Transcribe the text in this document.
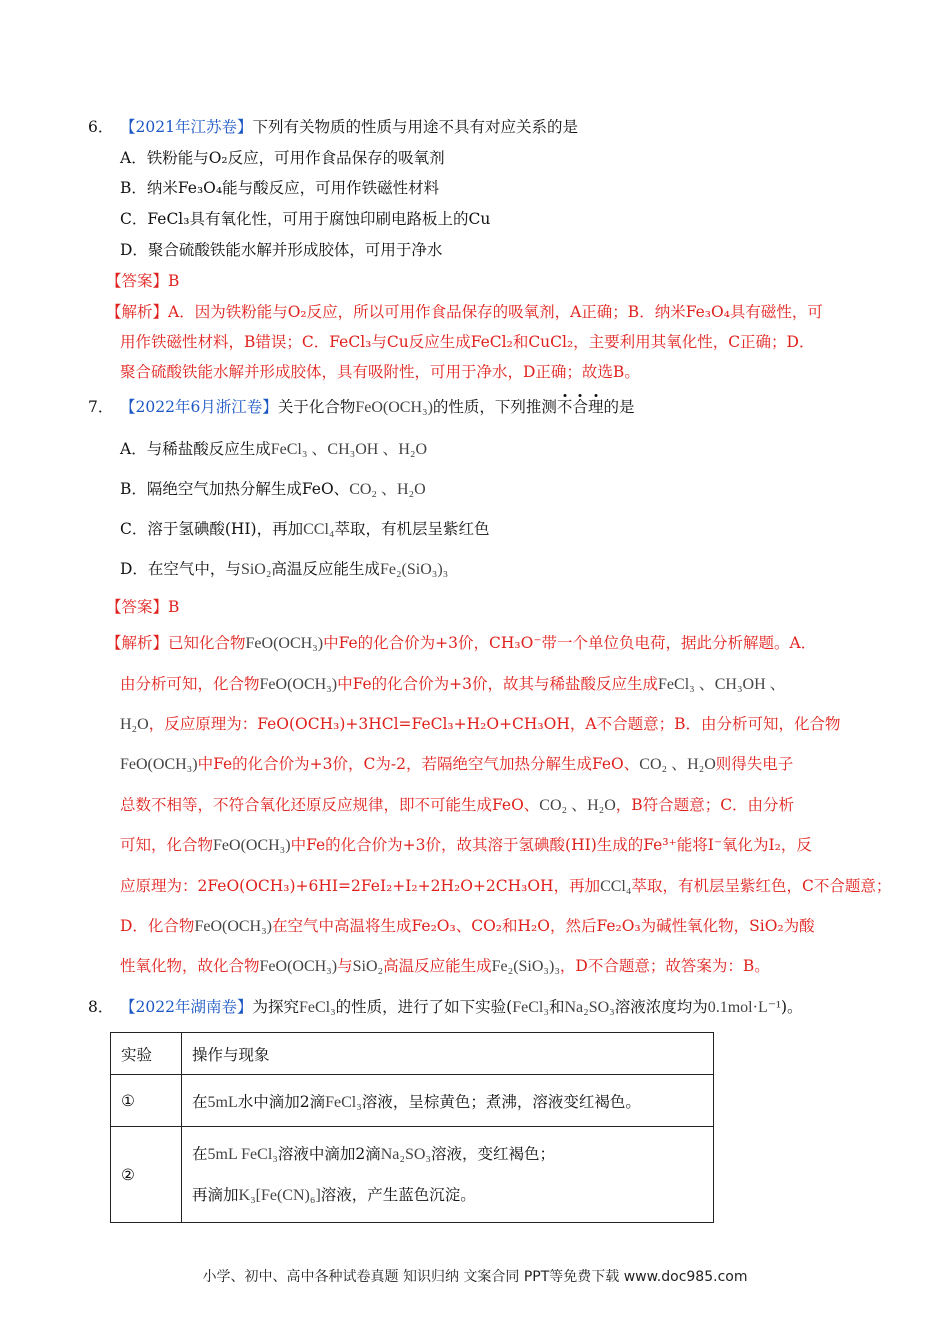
6． 【2021年江苏卷】下列有关物质的性质与用途不具有对应关系的是
A．铁粉能与O₂反应，可用作食品保存的吸氧剂
B．纳米Fe₃O₄能与酸反应，可用作铁磁性材料
C．FeCl₃具有氧化性，可用于腐蚀印刷电路板上的Cu
D．聚合硫酸铁能水解并形成胶体，可用于净水
【答案】B
【解析】A．因为铁粉能与O₂反应，所以可用作食品保存的吸氧剂，A正确；B．纳米Fe₃O₄具有磁性，可
用作铁磁性材料，B错误；C．FeCl₃与Cu反应生成FeCl₂和CuCl₂，主要利用其氧化性，C正确；D．
聚合硫酸铁能水解并形成胶体，具有吸附性，可用于净水，D正确；故选B。
7． 【2022年6月浙江卷】关于化合物FeO(OCH₃)的性质，下列推测不合理的是
A．与稀盐酸反应生成FeCl₃ 、CH₃OH 、H₂O
B．隔绝空气加热分解生成FeO、CO₂ 、H₂O
C．溶于氢碘酸(HI)，再加CCl₄萃取，有机层呈紫红色
D．在空气中，与SiO₂高温反应能生成Fe₂(SiO₃)₃
【答案】B
【解析】已知化合物FeO(OCH₃)中Fe的化合价为+3价，CH₃O⁻带一个单位负电荷，据此分析解题。A．
由分析可知，化合物FeO(OCH₃)中Fe的化合价为+3价，故其与稀盐酸反应生成FeCl₃ 、CH₃OH 、
H₂O，反应原理为：FeO(OCH₃)+3HCl=FeCl₃+H₂O+CH₃OH，A不合题意；B．由分析可知，化合物
FeO(OCH₃)中Fe的化合价为+3价，C为-2，若隔绝空气加热分解生成FeO、CO₂ 、H₂O则得失电子
总数不相等，不符合氧化还原反应规律，即不可能生成FeO、CO₂ 、H₂O，B符合题意；C．由分析
可知，化合物FeO(OCH₃)中Fe的化合价为+3价，故其溶于氢碘酸(HI)生成的Fe³⁺能将I⁻氧化为I₂，反
应原理为：2FeO(OCH₃)+6HI=2FeI₂+I₂+2H₂O+2CH₃OH，再加CCl₄萃取，有机层呈紫红色，C不合题意；
D．化合物FeO(OCH₃)在空气中高温将生成Fe₂O₃、CO₂和H₂O，然后Fe₂O₃为碱性氧化物，SiO₂为酸
性氧化物，故化合物FeO(OCH₃)与SiO₂高温反应能生成Fe₂(SiO₃)₃，D不合题意；故答案为：B。
8． 【2022年湖南卷】为探究FeCl₃的性质，进行了如下实验(FeCl₃和Na₂SO₃溶液浓度均为0.1mol·L⁻¹)。
实验	操作与现象
①	在5mL水中滴加2滴FeCl₃溶液，呈棕黄色；煮沸，溶液变红褐色。
②	在5mL FeCl₃溶液中滴加2滴Na₂SO₃溶液，变红褐色；
再滴加K₃[Fe(CN)₆]溶液，产生蓝色沉淀。
小学、初中、高中各种试卷真题 知识归纳 文案合同 PPT等免费下载 www.doc985.com
